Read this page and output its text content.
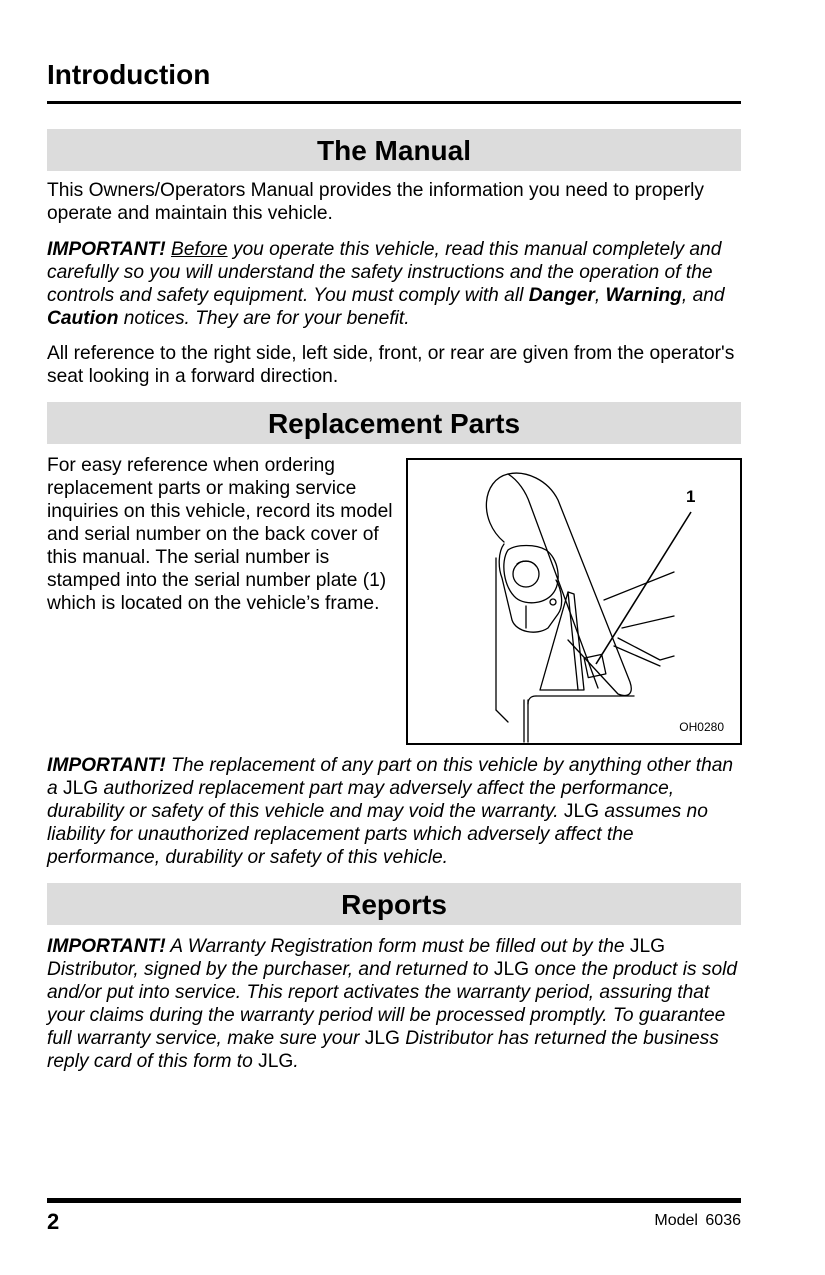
Introduction
The Manual

This Owners/Operators Manual provides the information you need to properly operate and maintain this vehicle.

IMPORTANT! Before you operate this vehicle, read this manual completely and carefully so you will understand the safety instructions and the operation of the controls and safety equipment. You must comply with all Danger, Warning, and Caution notices. They are for your benefit.

All reference to the right side, left side, front, or rear are given from the operator's seat looking in a forward direction.

Replacement Parts

For easy reference when ordering replacement parts or making service inquiries on this vehicle, record its model and serial number on the back cover of this manual. The serial number is stamped into the serial number plate (1) which is located on the vehicle’s frame.

1
OH0280

IMPORTANT! The replacement of any part on this vehicle by anything other than a JLG authorized replacement part may adversely affect the performance, durability or safety of this vehicle and may void the warranty. JLG assumes no liability for unauthorized replacement parts which adversely affect the performance, durability or safety of this vehicle.

Reports

IMPORTANT! A Warranty Registration form must be filled out by the JLG Distributor, signed by the purchaser, and returned to JLG once the product is sold and/or put into service. This report activates the warranty period, assuring that your claims during the warranty period will be processed promptly. To guarantee full warranty service, make sure your JLG Distributor has returned the business reply card of this form to JLG.

2	Model 6036
